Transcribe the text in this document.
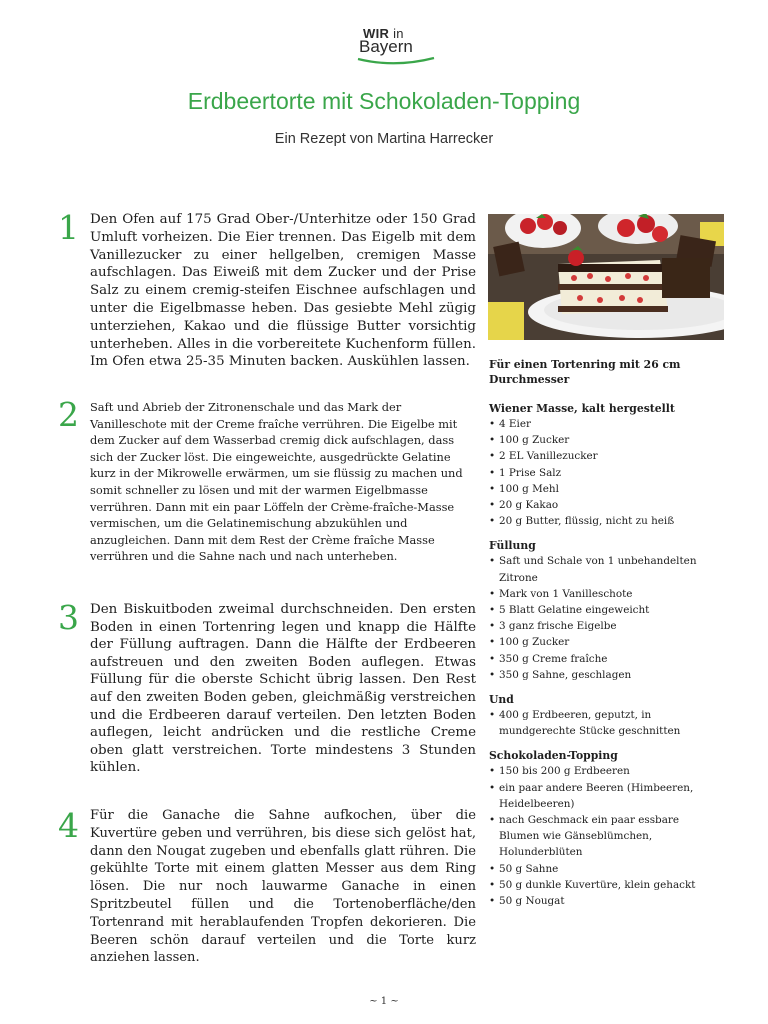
WIR in
Bayern
Erdbeertorte mit Schokoladen-Topping
Ein Rezept von Martina Harrecker
1 Den Ofen auf 175 Grad Ober-/Unterhitze oder 150 Grad Umluft vorheizen. Die Eier trennen. Das Eigelb mit dem Vanillezucker zu einer hellgelben, cremigen Masse aufschlagen. Das Eiweiß mit dem Zucker und der Prise Salz zu einem cremig-steifen Eischnee aufschlagen und unter die Eigelbmasse heben. Das gesiebte Mehl zügig unterziehen, Kakao und die flüssige Butter vorsichtig unterheben. Alles in die vorbereitete Kuchenform füllen. Im Ofen etwa 25-35 Minuten backen. Auskühlen lassen.
2 Saft und Abrieb der Zitronenschale und das Mark der Vanilleschote mit der Creme fraîche verrühren. Die Eigelbe mit dem Zucker auf dem Wasserbad cremig dick aufschlagen, dass sich der Zucker löst. Die eingeweichte, ausgedrückte Gelatine kurz in der Mikrowelle erwärmen, um sie flüssig zu machen und somit schneller zu lösen und mit der warmen Eigelbmasse verrühren. Dann mit ein paar Löffeln der Crème-fraîche-Masse vermischen, um die Gelatinemischung abzukühlen und anzugleichen. Dann mit dem Rest der Crème fraîche Masse verrühren und die Sahne nach und nach unterheben.
3 Den Biskuitboden zweimal durchschneiden. Den ersten Boden in einen Tortenring legen und knapp die Hälfte der Füllung auftragen. Dann die Hälfte der Erdbeeren aufstreuen und den zweiten Boden auflegen. Etwas Füllung für die oberste Schicht übrig lassen. Den Rest auf den zweiten Boden geben, gleichmäßig verstreichen und die Erdbeeren darauf verteilen. Den letzten Boden auflegen, leicht andrücken und die restliche Creme oben glatt verstreichen. Torte mindestens 3 Stunden kühlen.
4 Für die Ganache die Sahne aufkochen, über die Kuvertüre geben und verrühren, bis diese sich gelöst hat, dann den Nougat zugeben und ebenfalls glatt rühren. Die gekühlte Torte mit einem glatten Messer aus dem Ring lösen. Die nur noch lauwarme Ganache in einen Spritzbeutel füllen und die Tortenoberfläche/den Tortenrand mit herablaufenden Tropfen dekorieren. Die Beeren schön darauf verteilen und die Torte kurz anziehen lassen.
Für einen Tortenring mit 26 cm Durchmesser
Wiener Masse, kalt hergestellt
• 4 Eier
• 100 g Zucker
• 2 EL Vanillezucker
• 1 Prise Salz
• 100 g Mehl
• 20 g Kakao
• 20 g Butter, flüssig, nicht zu heiß
Füllung
• Saft und Schale von 1 unbehandelten Zitrone
• Mark von 1 Vanilleschote
• 5 Blatt Gelatine eingeweicht
• 3 ganz frische Eigelbe
• 100 g Zucker
• 350 g Creme fraîche
• 350 g Sahne, geschlagen
Und
• 400 g Erdbeeren, geputzt, in mundgerechte Stücke geschnitten
Schokoladen-Topping
• 150 bis 200 g Erdbeeren
• ein paar andere Beeren (Himbeeren, Heidelbeeren)
• nach Geschmack ein paar essbare Blumen wie Gänseblümchen, Holunderblüten
• 50 g Sahne
• 50 g dunkle Kuvertüre, klein gehackt
• 50 g Nougat
~ 1 ~
